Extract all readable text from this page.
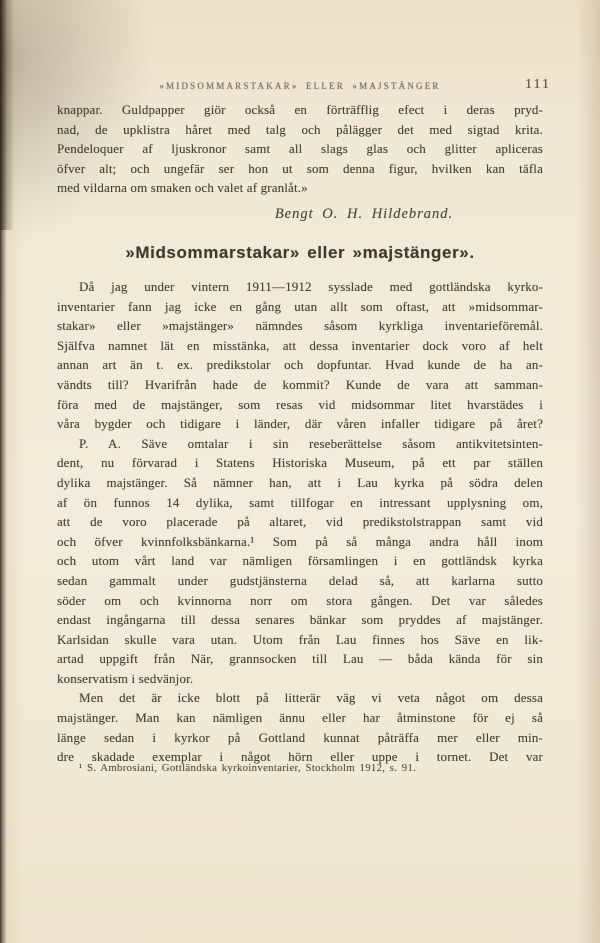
»MIDSOMMARSTAKAR» ELLER »MAJSTÄNGER	111
knappar. Guldpapper giör också en förträfflig efect i deras pryd-
nad, de upklistra håret med talg och pålägger det med sigtad krita.
Pendeloquer af ljuskronor samt all slags glas och glitter apliceras
öfver alt; och ungefär ser hon ut som denna figur, hvilken kan täfla
med vildarna om smaken och valet af granlåt.»
Bengt O. H. Hildebrand.
»Midsommarstakar» eller »majstänger».
Då jag under vintern 1911—1912 sysslade med gottländska kyrko-
inventarier fann jag icke en gång utan allt som oftast, att »midsommar-
stakar» eller »majstänger» nämndes såsom kyrkliga inventarieföremål.
Själfva namnet lät en misstänka, att dessa inventarier dock voro af helt
annan art än t. ex. predikstolar och dopfuntar. Hvad kunde de ha an-
vändts till? Hvarifrån hade de kommit? Kunde de vara att samman-
föra med de majstänger, som resas vid midsommar litet hvarstädes i
våra bygder och tidigare i länder, där våren infaller tidigare på året?
P. A. Säve omtalar i sin reseberättelse såsom antikvitetsinten-
dent, nu förvarad i Statens Historiska Museum, på ett par ställen
dylika majstänger. Så nämner han, att i Lau kyrka på södra delen
af ön funnos 14 dylika, samt tillfogar en intressant upplysning om,
att de voro placerade på altaret, vid predikstolstrappan samt vid
och öfver kvinnfolksbänkarna.¹ Som på så många andra håll inom
och utom vårt land var nämligen församlingen i en gottländsk kyrka
sedan gammalt under gudstjänsterna delad så, att karlarna sutto
söder om och kvinnorna norr om stora gången. Det var således
endast ingångarna till dessa senares bänkar som pryddes af majstänger.
Karlsidan skulle vara utan. Utom från Lau finnes hos Säve en lik-
artad uppgift från När, grannsocken till Lau — båda kända för sin
konservatism i sedvänjor.
Men det är icke blott på litterär väg vi veta något om dessa
majstänger. Man kan nämligen ännu eller har åtminstone för ej så
länge sedan i kyrkor på Gottland kunnat påträffa mer eller min-
dre skadade exemplar i något hörn eller uppe i tornet. Det var
¹ S. Ambrosiani, Gottländska kyrkoinventarier, Stockholm 1912, s. 91.
